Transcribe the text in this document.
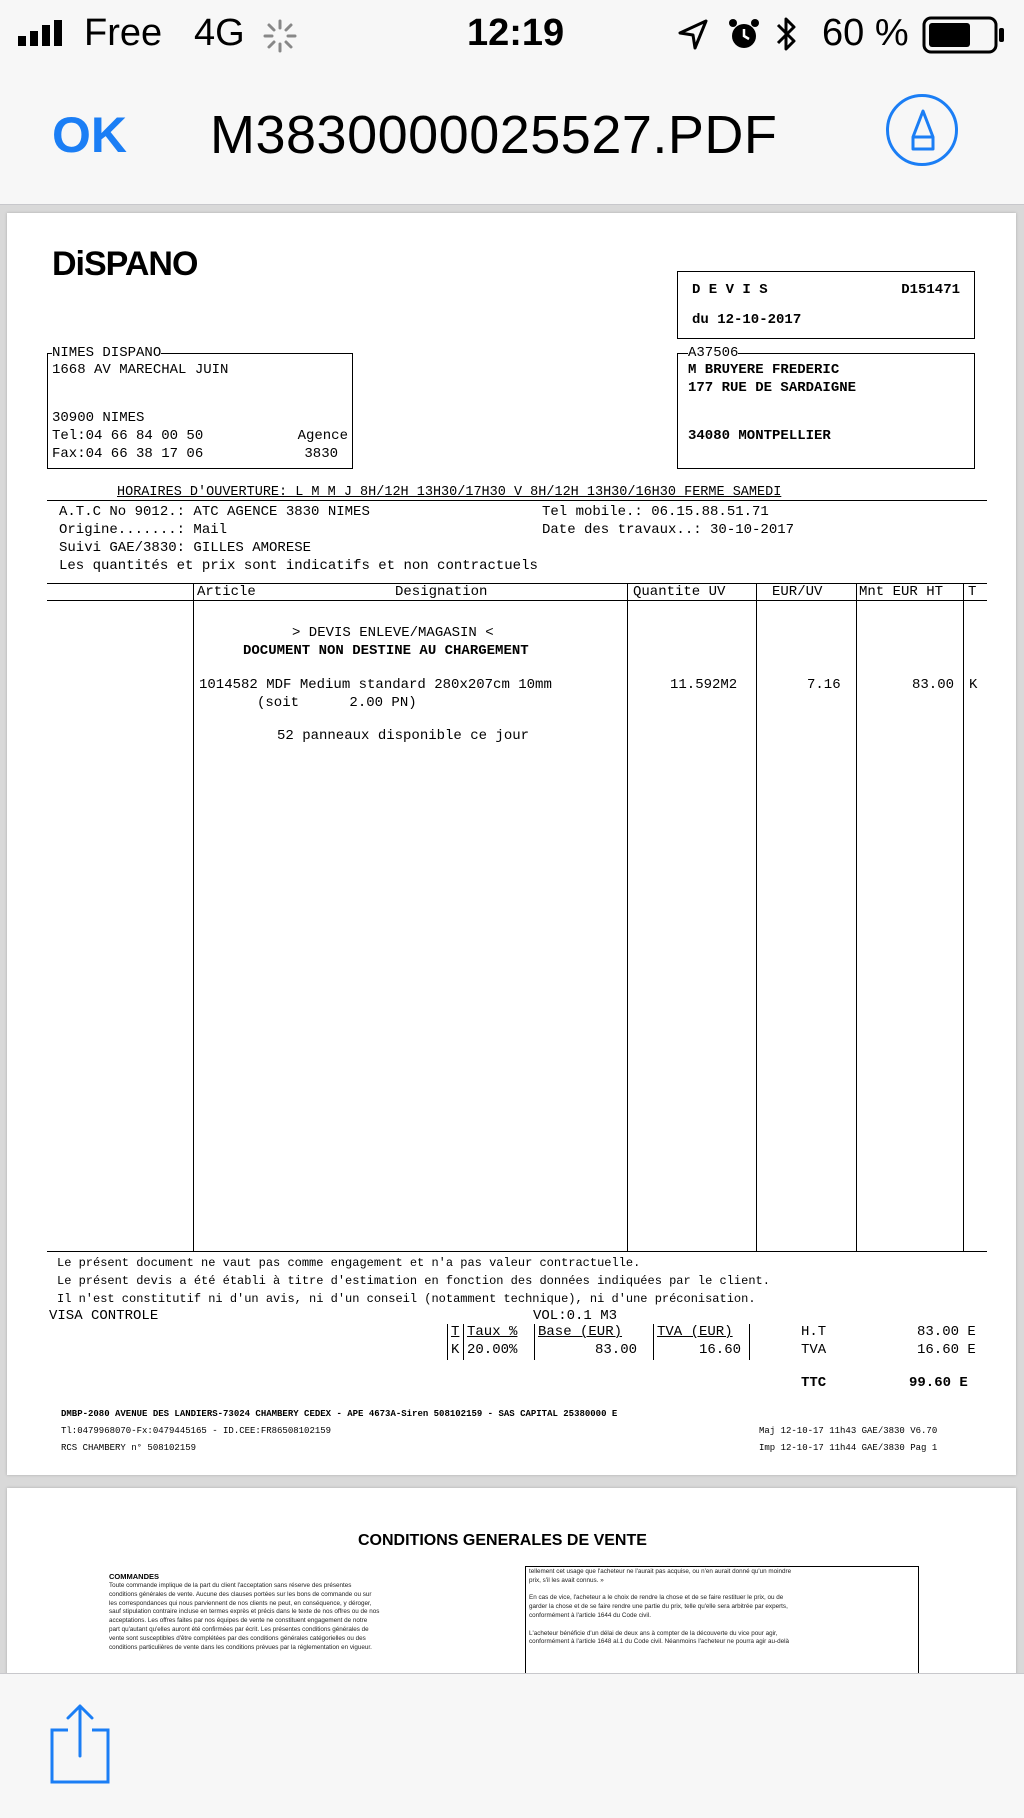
Free 4G	12:19	60 %
OK M3830000025527.PDF
DiSPANO
D E V I S	D151471
du 12-10-2017
NIMES DISPANO
1668 AV MARECHAL JUIN
30900 NIMES
Tel:04 66 84 00 50
Fax:04 66 38 17 06
Agence
3830
A37506
M BRUYERE FREDERIC
177 RUE DE SARDAIGNE
34080 MONTPELLIER
HORAIRES D'OUVERTURE: L M M J 8H/12H 13H30/17H30 V 8H/12H 13H30/16H30 FERME SAMEDI
A.T.C No 9012.: ATC AGENCE 3830 NIMES	Tel mobile.: 06.15.88.51.71
Origine.......: Mail	Date des travaux..: 30-10-2017
Suivi GAE/3830: GILLES AMORESE
Les quantités et prix sont indicatifs et non contractuels
Article	Designation	Quantite UV	EUR/UV	Mnt EUR HT T
> DEVIS ENLEVE/MAGASIN <
DOCUMENT NON DESTINE AU CHARGEMENT
1014582 MDF Medium standard 280x207cm 10mm
(soit      2.00 PN)
11.592M2	7.16	83.00 K
52 panneaux disponible ce jour
Le présent document ne vaut pas comme engagement et n'a pas valeur contractuelle.
Le présent devis a été établi à titre d'estimation en fonction des données indiquées par le client.
Il n'est constitutif ni d'un avis, ni d'un conseil (notamment technique), ni d'une préconisation.
VISA CONTROLE	VOL:0.1 M3
T Taux % Base (EUR) TVA (EUR)
K 20.00%	83.00	16.60
H.T	83.00 E
TVA	16.60 E
TTC	99.60 E
DMBP-2080 AVENUE DES LANDIERS-73024 CHAMBERY CEDEX - APE 4673A-Siren 508102159 - SAS CAPITAL 25380000 E
Tl:0479968070-Fx:0479445165 - ID.CEE:FR86508102159
RCS CHAMBERY n° 508102159
Maj 12-10-17 11h43 GAE/3830 V6.70
Imp 12-10-17 11h44 GAE/3830 Pag 1
CONDITIONS GENERALES DE VENTE
COMMANDES
Toute commande implique de la part du client l'acceptation sans réserve des présentes
conditions générales de vente. Aucune des clauses portées sur les bons de commande ou sur
les correspondances qui nous parviennent de nos clients ne peut, en conséquence, y déroger,
sauf stipulation contraire incluse en termes exprès et précis dans le texte de nos offres ou de nos
acceptations. Les offres faites par nos équipes de vente ne constituent engagement de notre
part qu'autant qu'elles auront été confirmées par écrit. Les présentes conditions générales de
vente sont susceptibles d'être complétées par des conditions générales catégorielles ou des
conditions particulières de vente dans les conditions prévues par la réglementation en vigueur.
tellement cet usage que l'acheteur ne l'aurait pas acquise, ou n'en aurait donné qu'un moindre
prix, s'il les avait connus. »
En cas de vice, l'acheteur a le choix de rendre la chose et de se faire restituer le prix, ou de
garder la chose et de se faire rendre une partie du prix, telle qu'elle sera arbitrée par experts,
conformément à l'article 1644 du Code civil.
L'acheteur bénéficie d'un délai de deux ans à compter de la découverte du vice pour agir,
conformément à l'article 1648 al.1 du Code civil. Néanmoins l'acheteur ne pourra agir au-delà
